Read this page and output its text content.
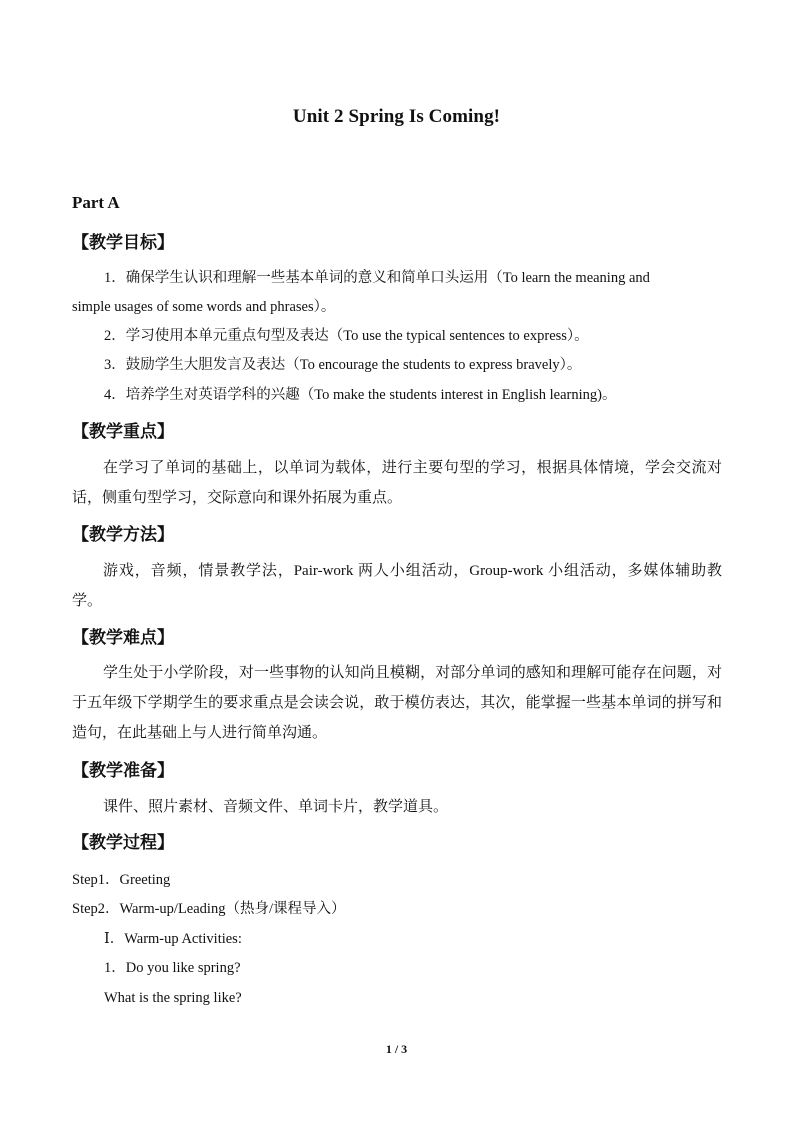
Unit 2 Spring Is Coming!
Part A
【教学目标】
1．确保学生认识和理解一些基本单词的意义和简单口头运用（To learn the meaning and
simple usages of some words and phrases）。
2．学习使用本单元重点句型及表达（To use the typical sentences to express）。
3．鼓励学生大胆发言及表达（To encourage the students to express bravely）。
4．培养学生对英语学科的兴趣（To make the students interest in English learning)。
【教学重点】
在学习了单词的基础上，以单词为载体，进行主要句型的学习，根据具体情境，学会交流对话，侧重句型学习，交际意向和课外拓展为重点。
【教学方法】
游戏，音频，情景教学法，Pair-work 两人小组活动，Group-work 小组活动，多媒体辅助教学。
【教学难点】
学生处于小学阶段，对一些事物的认知尚且模糊，对部分单词的感知和理解可能存在问题，对于五年级下学期学生的要求重点是会读会说，敢于模仿表达，其次，能掌握一些基本单词的拼写和造句，在此基础上与人进行简单沟通。
【教学准备】
课件、照片素材、音频文件、单词卡片，教学道具。
【教学过程】
Step1．Greeting
Step2．Warm-up/Leading（热身/课程导入）
Ⅰ．Warm-up Activities:
1．Do you like spring?
What is the spring like?
1 / 3
